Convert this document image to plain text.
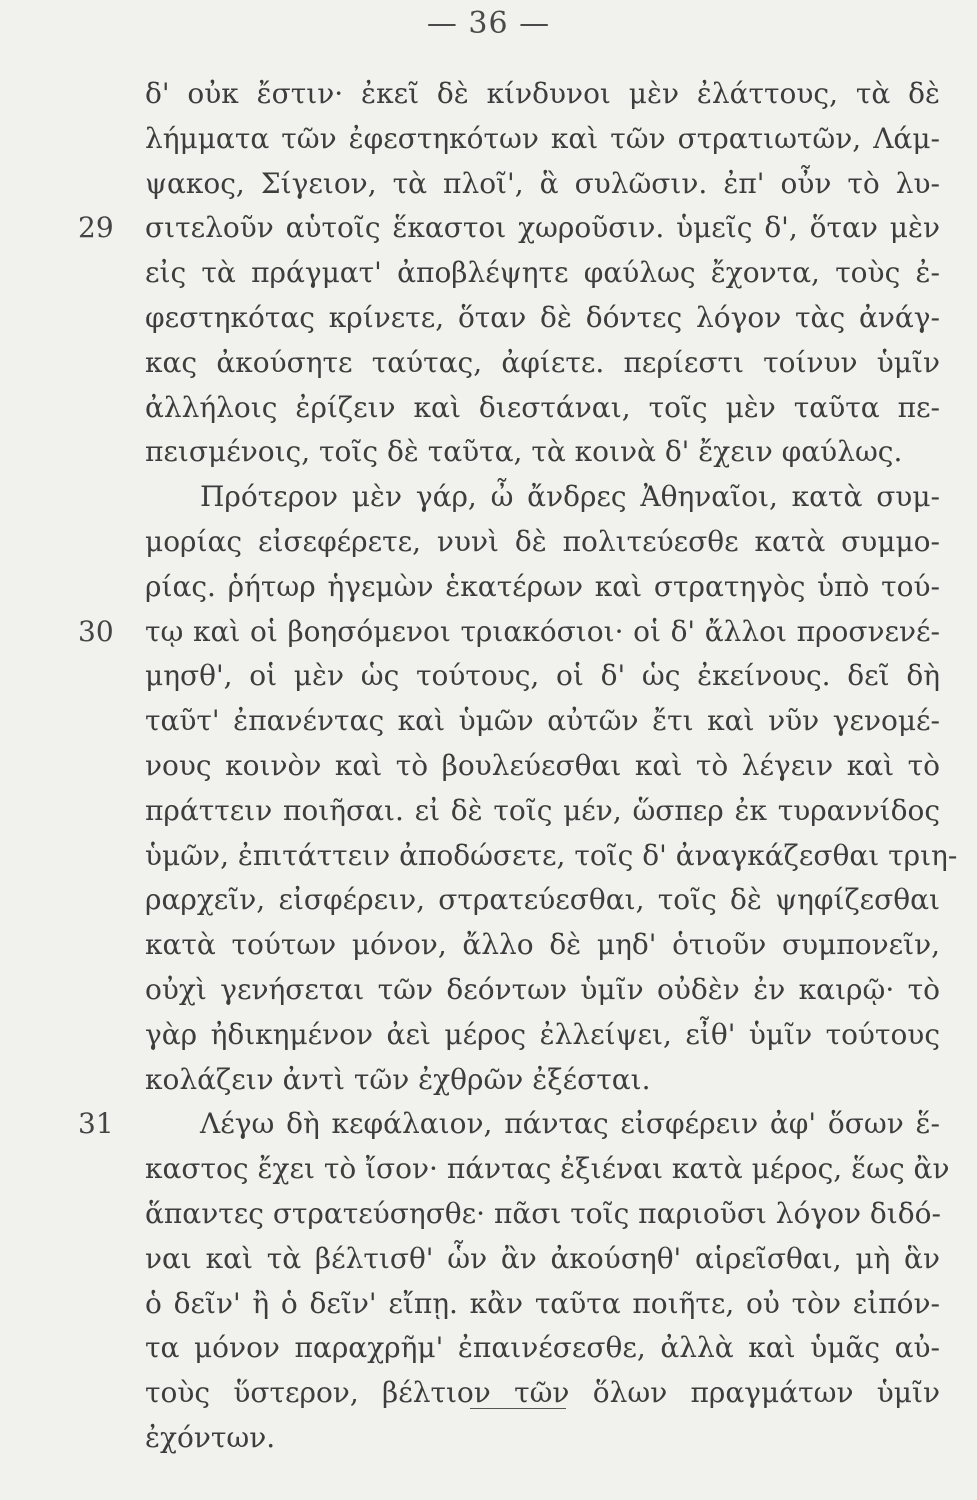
— 36 —
29
30
31
δ' οὐκ ἔστιν· ἐκεῖ δὲ κίνδυνοι μὲν ἐλάττους, τὰ δὲ
λήμματα τῶν ἐφεστηκότων καὶ τῶν στρατιωτῶν, Λάμ-
ψακος, Σίγειον, τὰ πλοῖ', ἃ συλῶσιν. ἐπ' οὖν τὸ λυ-
σιτελοῦν αὑτοῖς ἕκαστοι χωροῦσιν. ὑμεῖς δ', ὅταν μὲν
εἰς τὰ πράγματ' ἀποβλέψητε φαύλως ἔχοντα, τοὺς ἐ-
φεστηκότας κρίνετε, ὅταν δὲ δόντες λόγον τὰς ἀνάγ-
κας ἀκούσητε ταύτας, ἀφίετε. περίεστι τοίνυν ὑμῖν
ἀλλήλοις ἐρίζειν καὶ διεστάναι, τοῖς μὲν ταῦτα πε-
πεισμένοις, τοῖς δὲ ταῦτα, τὰ κοινὰ δ' ἔχειν φαύλως.
Πρότερον μὲν γάρ, ὦ ἄνδρες Ἀθηναῖοι, κατὰ συμ-
μορίας εἰσεφέρετε, νυνὶ δὲ πολιτεύεσθε κατὰ συμμο-
ρίας. ῥήτωρ ἡγεμὼν ἑκατέρων καὶ στρατηγὸς ὑπὸ τού-
τῳ καὶ οἱ βοησόμενοι τριακόσιοι· οἱ δ' ἄλλοι προσνενέ-
μησθ', οἱ μὲν ὡς τούτους, οἱ δ' ὡς ἐκείνους. δεῖ δὴ
ταῦτ' ἐπανέντας καὶ ὑμῶν αὐτῶν ἔτι καὶ νῦν γενομέ-
νους κοινὸν καὶ τὸ βουλεύεσθαι καὶ τὸ λέγειν καὶ τὸ
πράττειν ποιῆσαι. εἰ δὲ τοῖς μέν, ὥσπερ ἐκ τυραννίδος
ὑμῶν, ἐπιτάττειν ἀποδώσετε, τοῖς δ' ἀναγκάζεσθαι τριη-
ραρχεῖν, εἰσφέρειν, στρατεύεσθαι, τοῖς δὲ ψηφίζεσθαι
κατὰ τούτων μόνον, ἄλλο δὲ μηδ' ὁτιοῦν συμπονεῖν,
οὐχὶ γενήσεται τῶν δεόντων ὑμῖν οὐδὲν ἐν καιρῷ· τὸ
γὰρ ἠδικημένον ἀεὶ μέρος ἐλλείψει, εἶθ' ὑμῖν τούτους
κολάζειν ἀντὶ τῶν ἐχθρῶν ἐξέσται.
Λέγω δὴ κεφάλαιον, πάντας εἰσφέρειν ἀφ' ὅσων ἕ-
καστος ἔχει τὸ ἴσον· πάντας ἐξιέναι κατὰ μέρος, ἕως ἂν
ἅπαντες στρατεύσησθε· πᾶσι τοῖς παριοῦσι λόγον διδό-
ναι καὶ τὰ βέλτισθ' ὧν ἂν ἀκούσηθ' αἱρεῖσθαι, μὴ ἃν
ὁ δεῖν' ἢ ὁ δεῖν' εἴπῃ. κἂν ταῦτα ποιῆτε, οὐ τὸν εἰπόν-
τα μόνον παραχρῆμ' ἐπαινέσεσθε, ἀλλὰ καὶ ὑμᾶς αὐ-
τοὺς ὕστερον, βέλτιον τῶν ὅλων πραγμάτων ὑμῖν
ἐχόντων.
